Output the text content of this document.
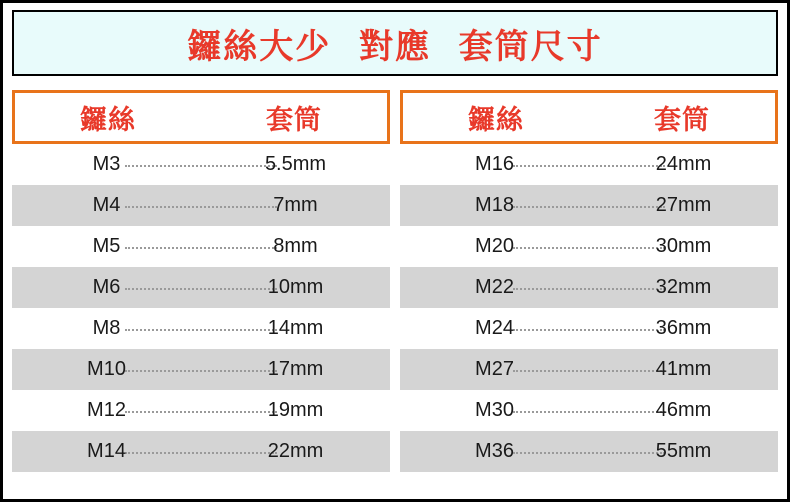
鑼絲大少  對應  套筒尺寸
鑼絲	套筒
M3	5.5mm
M4	7mm
M5	8mm
M6	10mm
M8	14mm
M10	17mm
M12	19mm
M14	22mm
鑼絲	套筒
M16	24mm
M18	27mm
M20	30mm
M22	32mm
M24	36mm
M27	41mm
M30	46mm
M36	55mm
